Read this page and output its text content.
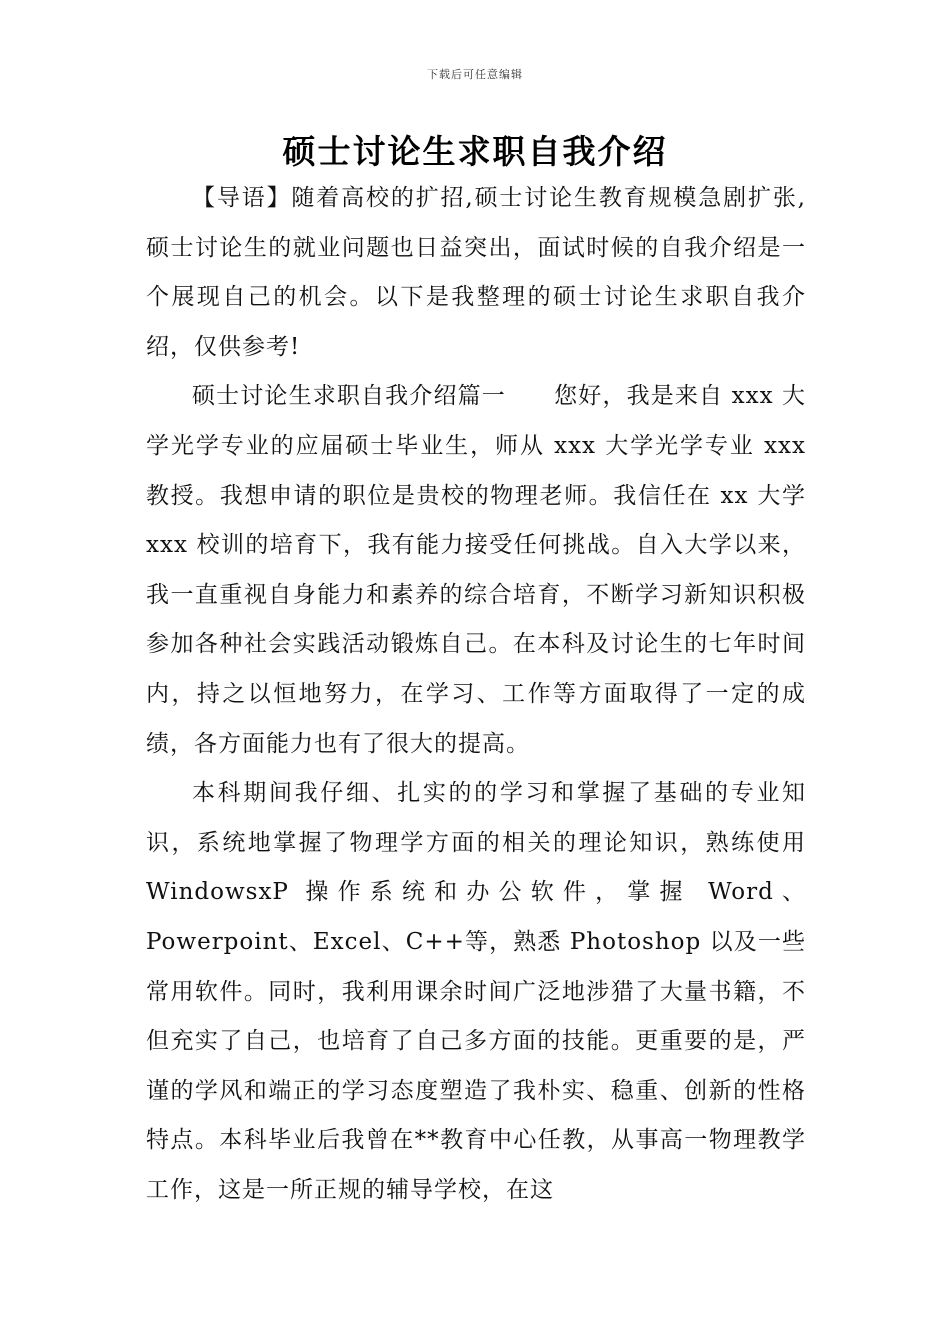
下载后可任意编辑
硕士讨论生求职自我介绍

【导语】随着高校的扩招,硕士讨论生教育规模急剧扩张,硕士讨论生的就业问题也日益突出，面试时候的自我介绍是一个展现自己的机会。以下是我整理的硕士讨论生求职自我介绍，仅供参考!

硕士讨论生求职自我介绍篇一　　您好，我是来自 xxx 大学光学专业的应届硕士毕业生，师从 xxx 大学光学专业 xxx 教授。我想申请的职位是贵校的物理老师。我信任在 xx 大学 xxx 校训的培育下，我有能力接受任何挑战。自入大学以来，我一直重视自身能力和素养的综合培育，不断学习新知识积极参加各种社会实践活动锻炼自己。在本科及讨论生的七年时间内，持之以恒地努力，在学习、工作等方面取得了一定的成绩，各方面能力也有了很大的提高。

本科期间我仔细、扎实的的学习和掌握了基础的专业知识，系统地掌握了物理学方面的相关的理论知识，熟练使用 WindowsxP 操作系统和办公软件，掌握 Word、Powerpoint、Excel、C++等，熟悉 Photoshop 以及一些常用软件。同时，我利用课余时间广泛地涉猎了大量书籍，不但充实了自己，也培育了自己多方面的技能。更重要的是，严谨的学风和端正的学习态度塑造了我朴实、稳重、创新的性格特点。本科毕业后我曾在**教育中心任教，从事高一物理教学工作，这是一所正规的辅导学校，在这
